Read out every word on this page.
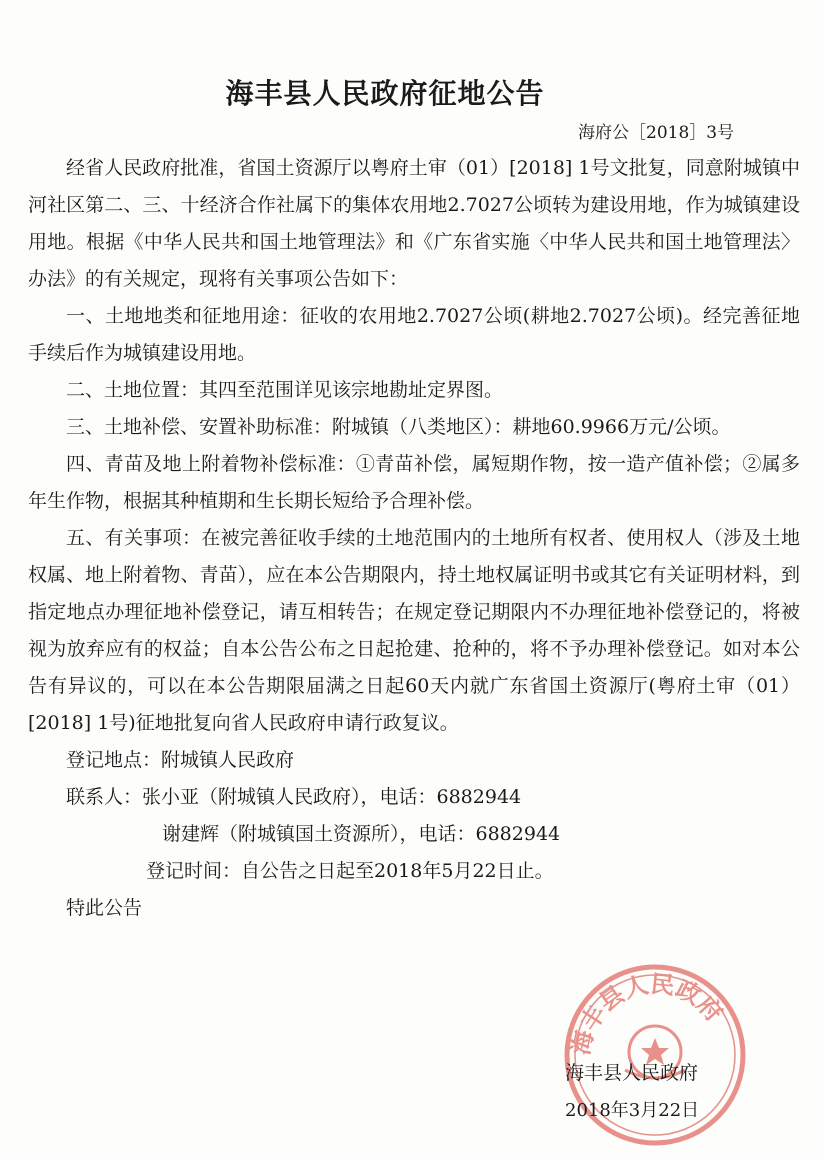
海丰县人民政府征地公告
海府公［2018］3号

经省人民政府批准，省国土资源厅以粤府土审（01）[2018] 1号文批复，同意附城镇中河社区第二、三、十经济合作社属下的集体农用地2.7027公顷转为建设用地，作为城镇建设用地。根据《中华人民共和国土地管理法》和《广东省实施〈中华人民共和国土地管理法〉办法》的有关规定，现将有关事项公告如下：

一、土地地类和征地用途：征收的农用地2.7027公顷(耕地2.7027公顷)。经完善征地手续后作为城镇建设用地。

二、土地位置：其四至范围详见该宗地勘址定界图。

三、土地补偿、安置补助标准：附城镇（八类地区）：耕地60.9966万元/公顷。

四、青苗及地上附着物补偿标准：①青苗补偿，属短期作物，按一造产值补偿；②属多年生作物，根据其种植期和生长期长短给予合理补偿。

五、有关事项：在被完善征收手续的土地范围内的土地所有权者、使用权人（涉及土地权属、地上附着物、青苗），应在本公告期限内，持土地权属证明书或其它有关证明材料，到指定地点办理征地补偿登记，请互相转告；在规定登记期限内不办理征地补偿登记的，将被视为放弃应有的权益；自本公告公布之日起抢建、抢种的，将不予办理补偿登记。如对本公告有异议的，可以在本公告期限届满之日起60天内就广东省国土资源厅(粤府土审（01）[2018] 1号)征地批复向省人民政府申请行政复议。

登记地点：附城镇人民政府
联系人：张小亚（附城镇人民政府），电话：6882944
谢建辉（附城镇国土资源所），电话：6882944
登记时间：自公告之日起至2018年5月22日止。
特此公告
海丰县人民政府
海丰县人民政府
2018年3月22日
